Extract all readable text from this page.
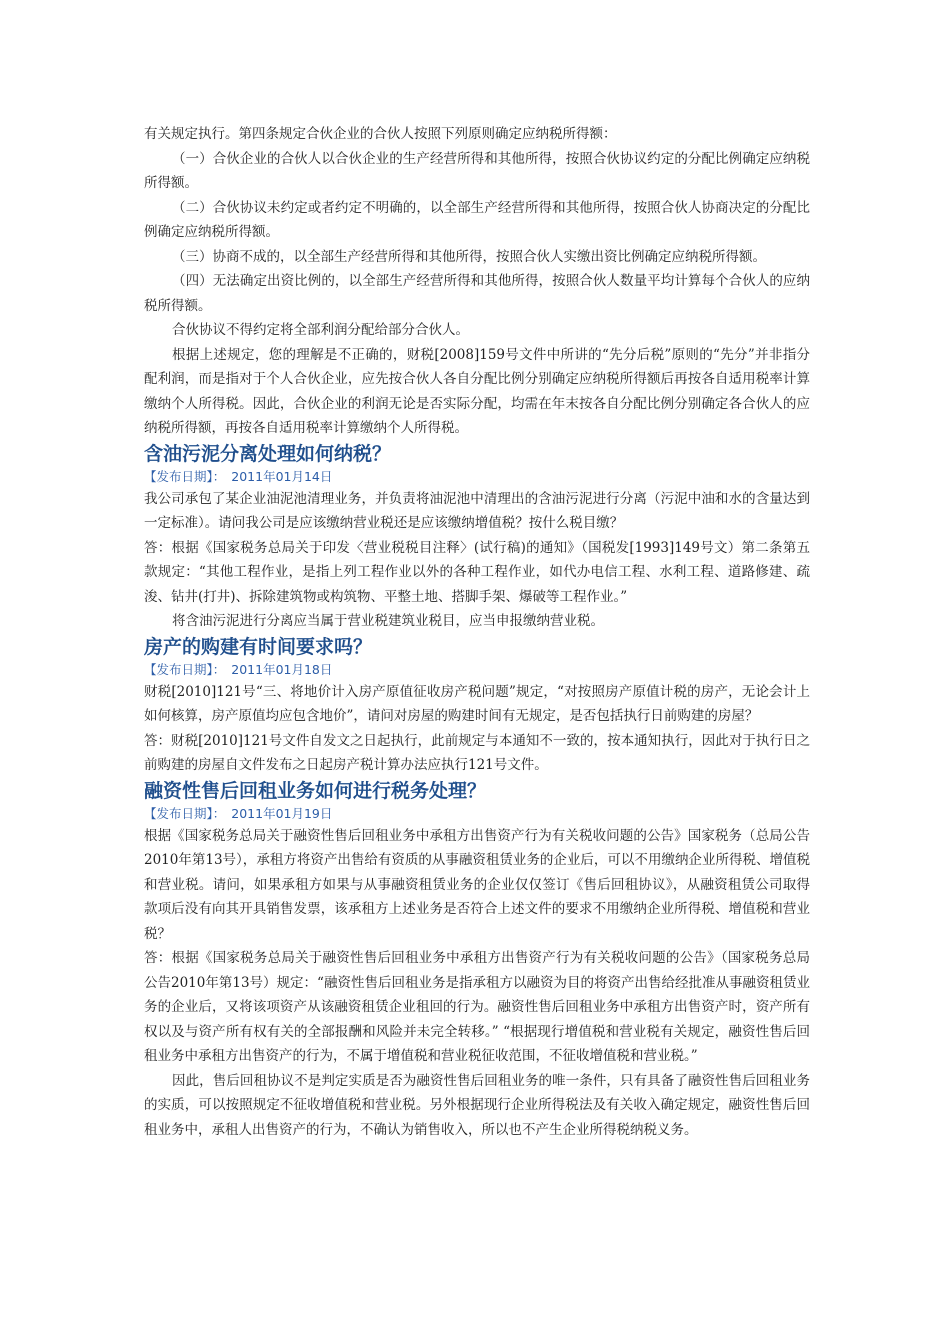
有关规定执行。第四条规定合伙企业的合伙人按照下列原则确定应纳税所得额：

（一）合伙企业的合伙人以合伙企业的生产经营所得和其他所得，按照合伙协议约定的分配比例确定应纳税所得额。

（二）合伙协议未约定或者约定不明确的，以全部生产经营所得和其他所得，按照合伙人协商决定的分配比例确定应纳税所得额。

（三）协商不成的，以全部生产经营所得和其他所得，按照合伙人实缴出资比例确定应纳税所得额。

（四）无法确定出资比例的，以全部生产经营所得和其他所得，按照合伙人数量平均计算每个合伙人的应纳税所得额。

合伙协议不得约定将全部利润分配给部分合伙人。

根据上述规定，您的理解是不正确的，财税[2008]159号文件中所讲的“先分后税”原则的“先分”并非指分配利润，而是指对于个人合伙企业，应先按合伙人各自分配比例分别确定应纳税所得额后再按各自适用税率计算缴纳个人所得税。因此，合伙企业的利润无论是否实际分配，均需在年末按各自分配比例分别确定各合伙人的应纳税所得额，再按各自适用税率计算缴纳个人所得税。

含油污泥分离处理如何纳税？

【发布日期】： 2011年01月14日

我公司承包了某企业油泥池清理业务，并负责将油泥池中清理出的含油污泥进行分离（污泥中油和水的含量达到一定标准）。请问我公司是应该缴纳营业税还是应该缴纳增值税？按什么税目缴？

答：根据《国家税务总局关于印发〈营业税税目注释〉(试行稿)的通知》（国税发[1993]149号文）第二条第五款规定：“其他工程作业，是指上列工程作业以外的各种工程作业，如代办电信工程、水利工程、道路修建、疏浚、钻井(打井)、拆除建筑物或构筑物、平整土地、搭脚手架、爆破等工程作业。”

将含油污泥进行分离应当属于营业税建筑业税目，应当申报缴纳营业税。

房产的购建有时间要求吗？

【发布日期】： 2011年01月18日

财税[2010]121号“三、将地价计入房产原值征收房产税问题”规定，“对按照房产原值计税的房产，无论会计上如何核算，房产原值均应包含地价”，请问对房屋的购建时间有无规定，是否包括执行日前购建的房屋？

答：财税[2010]121号文件自发文之日起执行，此前规定与本通知不一致的，按本通知执行，因此对于执行日之前购建的房屋自文件发布之日起房产税计算办法应执行121号文件。

融资性售后回租业务如何进行税务处理？

【发布日期】： 2011年01月19日

根据《国家税务总局关于融资性售后回租业务中承租方出售资产行为有关税收问题的公告》国家税务（总局公告2010年第13号），承租方将资产出售给有资质的从事融资租赁业务的企业后，可以不用缴纳企业所得税、增值税和营业税。请问，如果承租方如果与从事融资租赁业务的企业仅仅签订《售后回租协议》，从融资租赁公司取得款项后没有向其开具销售发票，该承租方上述业务是否符合上述文件的要求不用缴纳企业所得税、增值税和营业税？

答：根据《国家税务总局关于融资性售后回租业务中承租方出售资产行为有关税收问题的公告》（国家税务总局公告2010年第13号）规定：“融资性售后回租业务是指承租方以融资为目的将资产出售给经批准从事融资租赁业务的企业后，又将该项资产从该融资租赁企业租回的行为。融资性售后回租业务中承租方出售资产时，资产所有权以及与资产所有权有关的全部报酬和风险并未完全转移。” “根据现行增值税和营业税有关规定，融资性售后回租业务中承租方出售资产的行为，不属于增值税和营业税征收范围，不征收增值税和营业税。”

因此，售后回租协议不是判定实质是否为融资性售后回租业务的唯一条件，只有具备了融资性售后回租业务的实质，可以按照规定不征收增值税和营业税。另外根据现行企业所得税法及有关收入确定规定，融资性售后回租业务中，承租人出售资产的行为，不确认为销售收入，所以也不产生企业所得税纳税义务。
